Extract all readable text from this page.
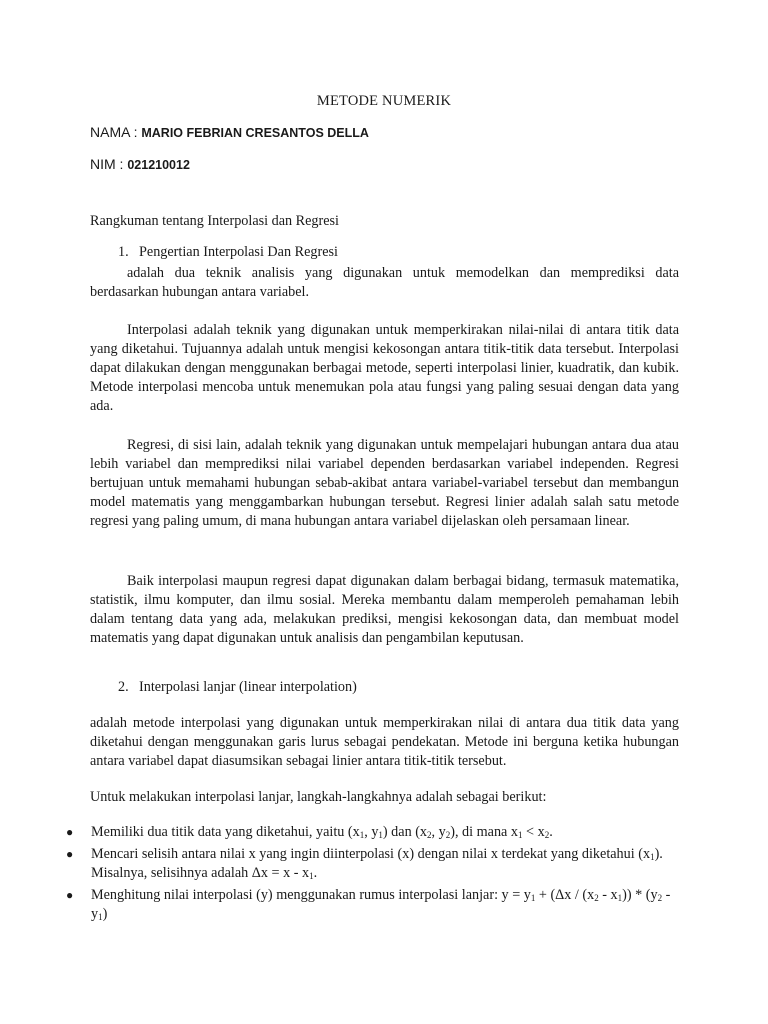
METODE NUMERIK
NAMA : MARIO FEBRIAN CRESANTOS DELLA
NIM : 021210012
Rangkuman tentang Interpolasi dan Regresi
1. Pengertian Interpolasi Dan Regresi

adalah dua teknik analisis yang digunakan untuk memodelkan dan memprediksi data berdasarkan hubungan antara variabel.

Interpolasi adalah teknik yang digunakan untuk memperkirakan nilai-nilai di antara titik data yang diketahui. Tujuannya adalah untuk mengisi kekosongan antara titik-titik data tersebut. Interpolasi dapat dilakukan dengan menggunakan berbagai metode, seperti interpolasi linier, kuadratik, dan kubik. Metode interpolasi mencoba untuk menemukan pola atau fungsi yang paling sesuai dengan data yang ada.

Regresi, di sisi lain, adalah teknik yang digunakan untuk mempelajari hubungan antara dua atau lebih variabel dan memprediksi nilai variabel dependen berdasarkan variabel independen. Regresi bertujuan untuk memahami hubungan sebab-akibat antara variabel-variabel tersebut dan membangun model matematis yang menggambarkan hubungan tersebut. Regresi linier adalah salah satu metode regresi yang paling umum, di mana hubungan antara variabel dijelaskan oleh persamaan linear.

Baik interpolasi maupun regresi dapat digunakan dalam berbagai bidang, termasuk matematika, statistik, ilmu komputer, dan ilmu sosial. Mereka membantu dalam memperoleh pemahaman lebih dalam tentang data yang ada, melakukan prediksi, mengisi kekosongan data, dan membuat model matematis yang dapat digunakan untuk analisis dan pengambilan keputusan.

2. Interpolasi lanjar (linear interpolation)

adalah metode interpolasi yang digunakan untuk memperkirakan nilai di antara dua titik data yang diketahui dengan menggunakan garis lurus sebagai pendekatan. Metode ini berguna ketika hubungan antara variabel dapat diasumsikan sebagai linier antara titik-titik tersebut.

Untuk melakukan interpolasi lanjar, langkah-langkahnya adalah sebagai berikut:
● Memiliki dua titik data yang diketahui, yaitu ($x_1$, $y_1$) dan ($x_2$, $y_2$), di mana $x_1 < x_2$.
● Mencari selisih antara nilai x yang ingin diinterpolasi (x) dengan nilai x terdekat yang diketahui $(x_1)$. Misalnya, selisihnya adalah $\Delta x = x - x_1$.
● Menghitung nilai interpolasi (y) menggunakan rumus interpolasi lanjar: $y = y_1 + (\Delta x / (x_2 - x_1)) * (y_2 - y_1)$
